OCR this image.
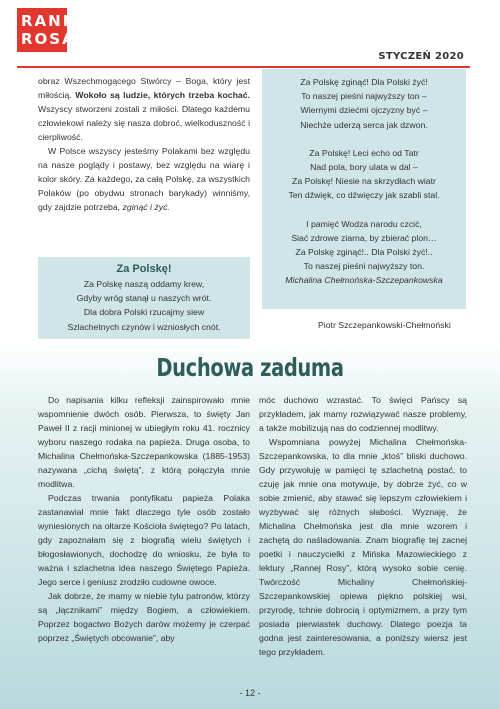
RANNA
ROSA
STYCZEŃ 2020

obraz Wszechmogącego Stwórcy – Boga, który jest miłością. Wokoło są ludzie, których trzeba kochać. Wszyscy stworzeni zostali z miłości. Dlatego każdemu człowiekowi należy się nasza dobroć, wielkoduszność i cierpliwość.

W Polsce wszyscy jesteśmy Polakami bez względu na nasze poglądy i postawy, bez względu na wiarę i kolor skóry. Za każdego, za całą Polskę, za wszystkich Polaków (po obydwu stronach barykady) winniśmy, gdy zajdzie potrzeba, zginąć i żyć.

Za Polskę!
Za Polskę naszą oddamy krew,
Gdyby wróg stanął u naszych wrót.
Dla dobra Polski rzucajmy siew
Szlachetnych czynów i wzniosłych cnót.
Za Polskę zginąć! Dla Polski żyć!
To naszej pieśni najwyższy ton –
Wiernymi dziećmi ojczyzny być –
Niechże uderzą serca jak dzwon.
Za Polskę! Leci echo od Tatr
Nad pola, bory ulata w dal –
Za Polskę! Niesie na skrzydłach wiatr
Ten dźwięk, co dźwięczy jak szabli stal.
I pamięć Wodza narodu czcić,
Siać zdrowe ziarna, by zbierać plon…
Za Polskę zginąć!.. Dla Polski żyć!..
To naszej pieśni najwyższy ton.
Michalina Chełmońska-Szczepankowska
Piotr Szczepankowski-Chełmoński
Duchowa zaduma

Do napisania kilku refleksji zainspirowało mnie wspomnienie dwóch osób. Pierwsza, to święty Jan Paweł II z racji minionej w ubiegłym roku 41. rocznicy wyboru naszego rodaka na papieża. Druga osoba, to Michalina Chełmońska-Szczepankowska (1885-1953) nazywana „cichą świętą”, z którą połączyła mnie modlitwa.

Podczas trwania pontyfikatu papieża Polaka zastanawiał mnie fakt dlaczego tyle osób zostało wyniesionych na ołtarze Kościoła świętego? Po latach, gdy zapoznałam się z biografią wielu świętych i błogosławionych, dochodzę do wniosku, że była to ważna i szlachetna idea naszego Świętego Papieża. Jego serce i geniusz zrodziło cudowne owoce.

Jak dobrze, że mamy w niebie tylu patronów, którzy są „łącznikami” między Bogiem, a człowiekiem. Poprzez bogactwo Bożych darów możemy je czerpać poprzez „Świętych obcowanie”, aby

móc duchowo wzrastać. To święci Pańscy są przykładem, jak mamy rozwiązywać nasze problemy, a także mobilizują nas do codziennej modlitwy.

Wspomniana powyżej Michalina Chełmońska-Szczepankowska, to dla mnie „ktoś” bliski duchowo. Gdy przywołuję w pamięci tę szlachetną postać, to czuję jak mnie ona motywuje, by dobrze żyć, co w sobie zmienić, aby stawać się lepszym człowiekiem i wyzbywać się różnych słabości. Wyznaję, że Michalina Chełmońska jest dla mnie wzorem i zachętą do naśladowania. Znam biografię tej zacnej poetki i nauczycielki z Mińska Mazowieckiego z lektury „Rannej Rosy”, którą wysoko sobie cenię. Twórczość Michaliny Chełmońskiej-Szczepankowskiej opiewa piękno polskiej wsi, przyrodę, tchnie dobrocią i optymizmem, a przy tym posiada pierwiastek duchowy. Dlatego poezja ta godna jest zainteresowania, a poniższy wiersz jest tego przykładem.

- 12 -
